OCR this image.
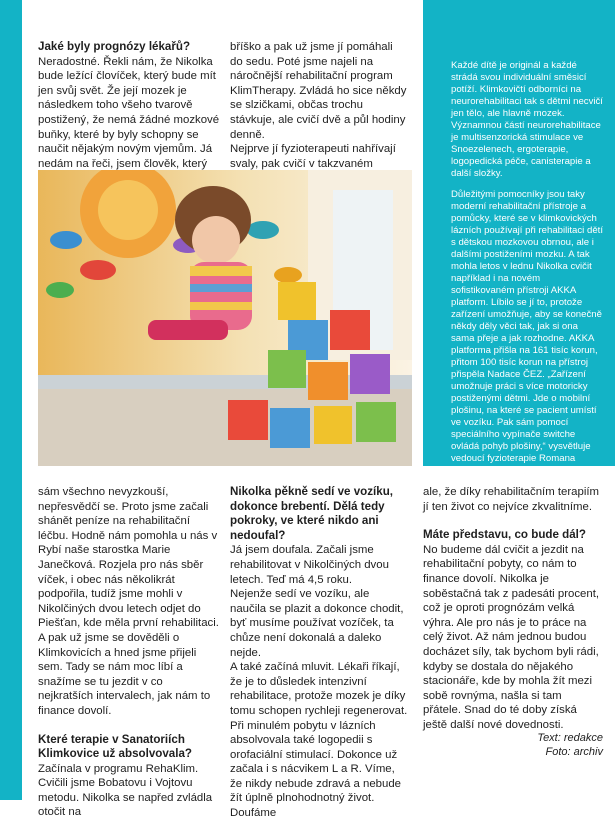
Jaké byly prognózy lékařů?

Neradostné. Řekli nám, že Nikolka bude ležící človíček, který bude mít jen svůj svět. Že její mozek je následkem toho všeho tvarově postižený, že nemá žádné mozkové buňky, které by byly schopny se naučit nějakým novým vjemům. Já nedám na řeči, jsem člověk, který

bříško a pak už jsme jí pomáhali do sedu. Poté jsme najeli na náročnější rehabilitační program KlimTherapy. Zvládá ho sice někdy se slzičkami, občas trochu stávkuje, ale cvičí dvě a půl hodiny denně.

Nejprve jí fyzioterapeuti nahřívají svaly, pak cvičí v takzvaném

Každé dítě je originál a každé strádá svou individuální směsicí potíží. Klimkovičtí odborníci na neurorehabilitaci tak s dětmi necvičí jen tělo, ale hlavně mozek. Významnou částí neurorehabilitace je multisenzorická stimulace ve Snoezelenech, ergoterapie, logopedická péče, canisterapie a další složky.

Důležitými pomocníky jsou taky moderní rehabilitační přístroje a pomůcky, které se v klimkovických lázních používají při rehabilitaci dětí s dětskou mozkovou obrnou, ale i dalšími postiženími mozku. A tak mohla letos v lednu Nikolka cvičit například i na novém sofistikovaném přístroji AKKA platform. Líbilo se jí to, protože zařízení umožňuje, aby se konečně někdy děly věci tak, jak si ona sama přeje a jak rozhodne. AKKA platforma přišla na 161 tisíc korun, přitom 100 tisíc korun na přístroj přispěla Nadace ČEZ. „Zařízení umožnuje práci s více motoricky postiženými dětmi. Jde o mobilní plošinu, na které se pacient umístí ve vozíku. Pak sám pomocí speciálního vypínače switche ovládá pohyb plošiny,“ vysvětluje vedoucí fyzioterapie Romana Holáňová.

sám všechno nevyzkouší, nepřesvědčí se. Proto jsme začali shánět peníze na rehabilitační léčbu. Hodně nám pomohla u nás v Rybí naše starostka Marie Janečková. Rozjela pro nás sběr víček, i obec nás několikrát podpořila, tudíž jsme mohli v Nikolčiných dvou letech odjet do Piešťan, kde měla první rehabilitaci. A pak už jsme se dověděli o Klimkovicích a hned jsme přijeli sem. Tady se nám moc líbí a snažíme se tu jezdit v co nejkratších intervalech, jak nám to finance dovolí.

Které terapie v Sanatoriích Klimkovice už absolvovala?

Začínala v programu RehaKlim. Cvičili jsme Bobatovu i Vojtovu metodu. Nikolka se napřed zvládla otočit na

Nikolka pěkně sedí ve vozíku, dokonce brebentí. Dělá tedy pokroky, ve které nikdo ani nedoufal?

Já jsem doufala. Začali jsme rehabilitovat v Nikolčiných dvou letech. Teď má 4,5 roku.

Nejenže sedí ve vozíku, ale naučila se plazit a dokonce chodit, byť musíme používat vozíček, ta chůze není dokonalá a daleko nejde.

A také začíná mluvit. Lékaři říkají, že je to důsledek intenzivní rehabilitace, protože mozek je díky tomu schopen rychleji regenerovat. Při minulém pobytu v lázních absolvovala také logopedii s orofaciální stimulací. Dokonce už začala i s nácvikem L a R. Víme, že nikdy nebude zdravá a nebude žít úplně plnohodnotný život. Doufáme

ale, že díky rehabilitačním terapiím jí ten život co nejvíce zkvalitníme.

Máte představu, co bude dál?

No budeme dál cvičit a jezdit na rehabilitační pobyty, co nám to finance dovolí. Nikolka je soběstačná tak z padesáti procent, což je oproti prognózám velká výhra. Ale pro nás je to práce na celý život. Až nám jednou budou docházet síly, tak bychom byli rádi, kdyby se dostala do nějakého stacionáře, kde by mohla žít mezi sobě rovnýma, našla si tam přátele. Snad do té doby získá ještě další nové dovednosti.

Text: redakce
Foto: archiv
